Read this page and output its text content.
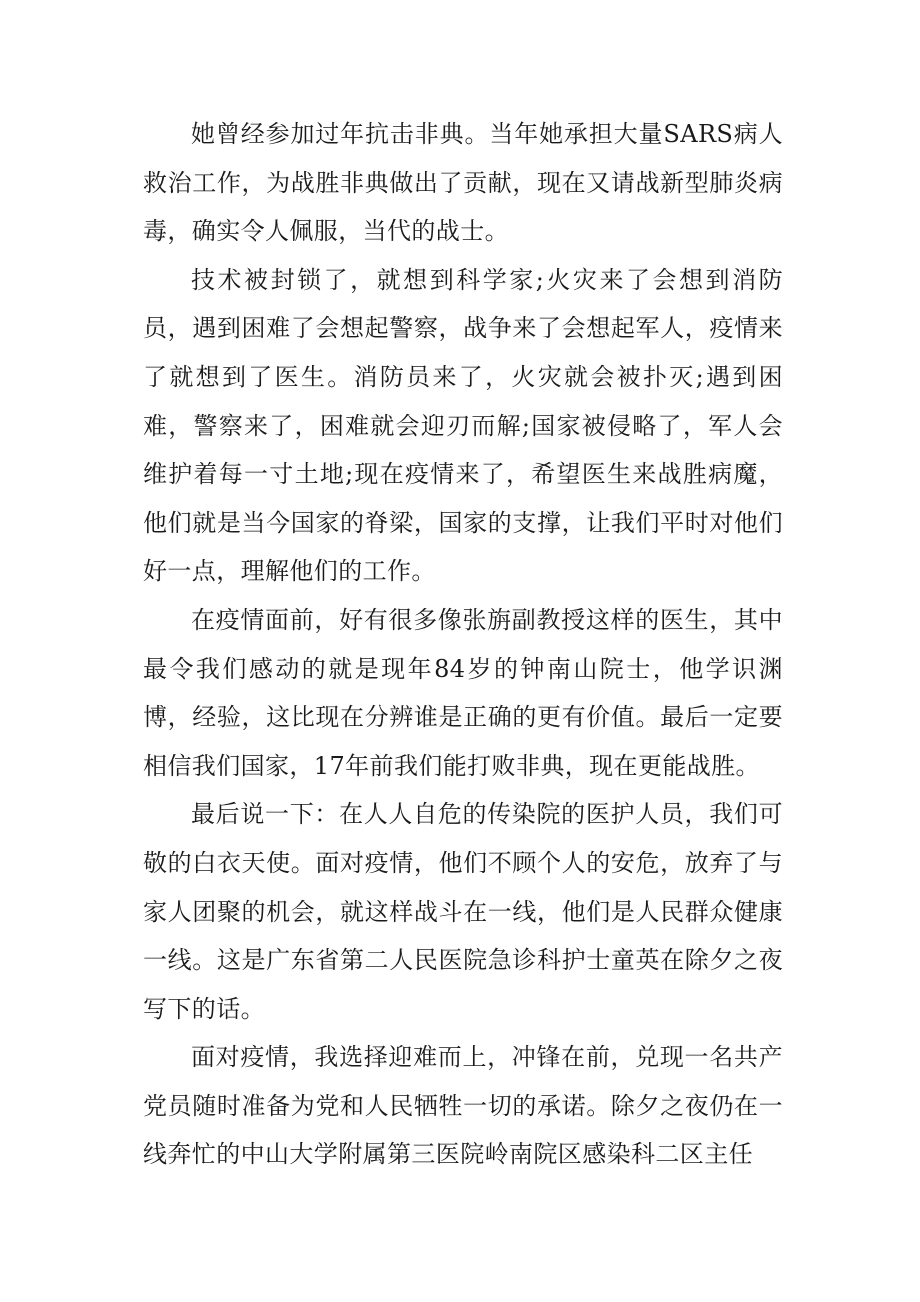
她曾经参加过年抗击非典。当年她承担大量SARS病人救治工作，为战胜非典做出了贡献，现在又请战新型肺炎病毒，确实令人佩服，当代的战士。

技术被封锁了，就想到科学家;火灾来了会想到消防员，遇到困难了会想起警察，战争来了会想起军人，疫情来了就想到了医生。消防员来了，火灾就会被扑灭;遇到困难，警察来了，困难就会迎刃而解;国家被侵略了，军人会维护着每一寸土地;现在疫情来了，希望医生来战胜病魔，他们就是当今国家的脊梁，国家的支撑，让我们平时对他们好一点，理解他们的工作。

在疫情面前，好有很多像张旃副教授这样的医生，其中最令我们感动的就是现年84岁的钟南山院士，他学识渊博，经验，这比现在分辨谁是正确的更有价值。最后一定要相信我们国家，17年前我们能打败非典，现在更能战胜。

最后说一下：在人人自危的传染院的医护人员，我们可敬的白衣天使。面对疫情，他们不顾个人的安危，放弃了与家人团聚的机会，就这样战斗在一线，他们是人民群众健康一线。这是广东省第二人民医院急诊科护士童英在除夕之夜写下的话。

面对疫情，我选择迎难而上，冲锋在前，兑现一名共产党员随时准备为党和人民牺牲一切的承诺。除夕之夜仍在一线奔忙的中山大学附属第三医院岭南院区感染科二区主任
